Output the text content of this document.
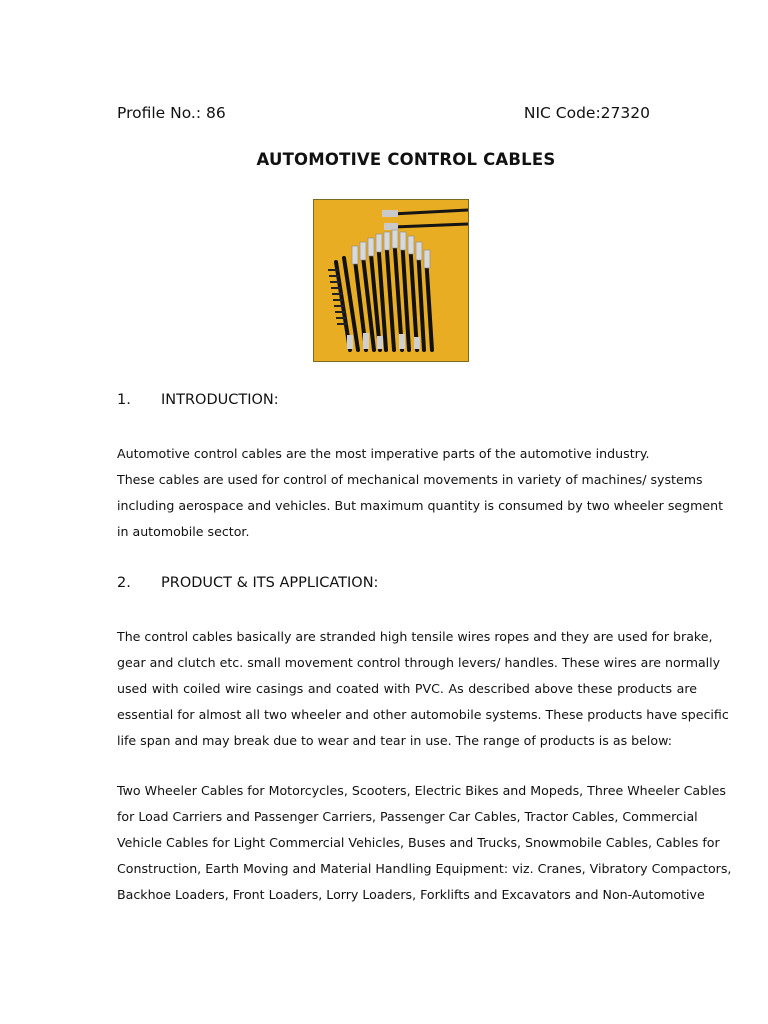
Profile No.: 86	NIC Code:27320
AUTOMOTIVE CONTROL CABLES
1. INTRODUCTION:

Automotive control cables are the most imperative parts of the automotive industry.

These cables are used for control of mechanical movements in variety of machines/ systems

including aerospace and vehicles. But maximum quantity is consumed by two wheeler segment

in automobile sector.

2. PRODUCT & ITS APPLICATION:

The control cables basically are stranded high tensile wires ropes and they are used for brake,

gear and clutch etc. small movement control through levers/ handles. These wires are normally

used with coiled wire casings and coated with PVC. As described above these products are

essential for almost all two wheeler and other automobile systems. These products have specific

life span and may break due to wear and tear in use. The range of products is as below:

Two Wheeler Cables for Motorcycles, Scooters, Electric Bikes and Mopeds, Three Wheeler Cables

for Load Carriers and Passenger Carriers, Passenger Car Cables, Tractor Cables, Commercial

Vehicle Cables for Light Commercial Vehicles, Buses and Trucks, Snowmobile Cables, Cables for

Construction, Earth Moving and Material Handling Equipment: viz. Cranes, Vibratory Compactors,

Backhoe Loaders, Front Loaders, Lorry Loaders, Forklifts and Excavators and Non-Automotive
